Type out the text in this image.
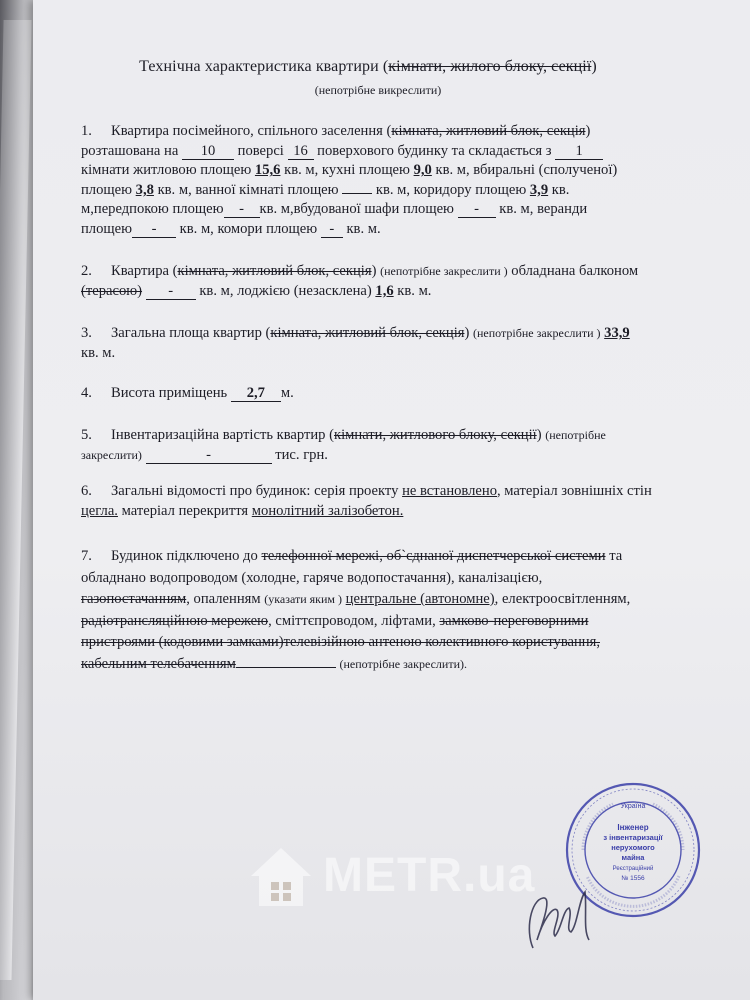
Технічна характеристика квартири (кімнати, жилого блоку, секції)
(непотрібне викреслити)
1. Квартира посімейного, спільного заселення (кімната, житловий блок, секція)
розташована на 10 поверсі 16 поверхового будинку та складається з 1
кімнати житловою площею 15,6 кв. м, кухні площею 9,0 кв. м, вбиральні (сполученої)
площею 3,8 кв. м, ванної кімнаті площею	кв. м, коридору площею 3,9 кв.
м,передпокою площею - кв. м,вбудованої шафи площею - кв. м, веранди
площею - кв. м, комори площею - кв. м.
2. Квартира (кімната, житловий блок, секція) (непотрібне закреслити ) обладнана балконом
(терасою) - кв. м, лоджією (незасклена) 1,6 кв. м.
3. Загальна площа квартир (кімната, житловий блок, секція) (непотрібне закреслити ) 33,9
кв. м.
4. Висота приміщень 2,7 м.
5. Інвентаризаційна вартість квартир (кімнати, житлового блоку, секції) (непотрібне
закреслити)	-	тис. грн.
6. Загальні відомості про будинок: серія проекту не встановлено, матеріал зовнішніх стін
цегла. матеріал перекриття монолітний залізобетон.
7. Будинок підключено до телефонної мережі, об`єднаної диспетчерської системи та
обладнано водопроводом (холодне, гаряче водопостачання), каналізацією,
газопостачанням, опаленням (указати яким ) центральне (автономне), електроосвітленням,
радіотрансляційною мережею, сміттєпроводом, ліфтами, замково-переговорними
пристроями (кодовими замками)телевізійною антеною колективного користування,
кабельним телебаченням	(непотрібне закреслити).
Україна
Інженер
з інвентаризації
нерухомого
майна
Реєстраційний
№ 1556
METR.ua
